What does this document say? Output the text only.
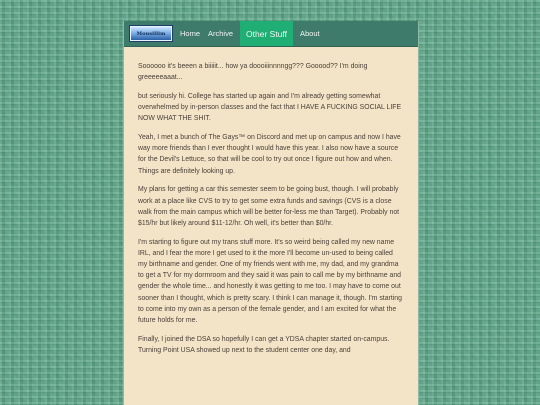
Mousillim	Home	Archive	Other Stuff	About

Soooooo it's beeen a biiiiit... how ya doooiiinnnngg??? Gooood?? I'm doing greeeeeaaat...

but seriously hi. College has started up again and I'm already getting somewhat overwhelmed by in-person classes and the fact that I HAVE A FUCKING SOCIAL LIFE NOW WHAT THE SHIT.

Yeah, I met a bunch of The Gays™ on Discord and met up on campus and now I have way more friends than I ever thought I would have this year. I also now have a source for the Devil's Lettuce, so that will be cool to try out once I figure out how and when. Things are definitely looking up.

My plans for getting a car this semester seem to be going bust, though. I will probably work at a place like CVS to try to get some extra funds and savings (CVS is a close walk from the main campus which will be better for-less me than Target). Probably not $15/hr but likely around $11-12/hr. Oh well, it's better than $0/hr.

I'm starting to figure out my trans stuff more. It's so weird being called my new name IRL, and I fear the more I get used to it the more I'll become un-used to being called my birthname and gender. One of my friends went with me, my dad, and my grandma to get a TV for my dormroom and they said it was pain to call me by my birthname and gender the whole time... and honestly it was getting to me too. I may have to come out sooner than I thought, which is pretty scary. I think I can manage it, though. I'm starting to come into my own as a person of the female gender, and I am excited for what the future holds for me.

Finally, I joined the DSA so hopefully I can get a YDSA chapter started on-campus. Turning Point USA showed up next to the student center one day, and
